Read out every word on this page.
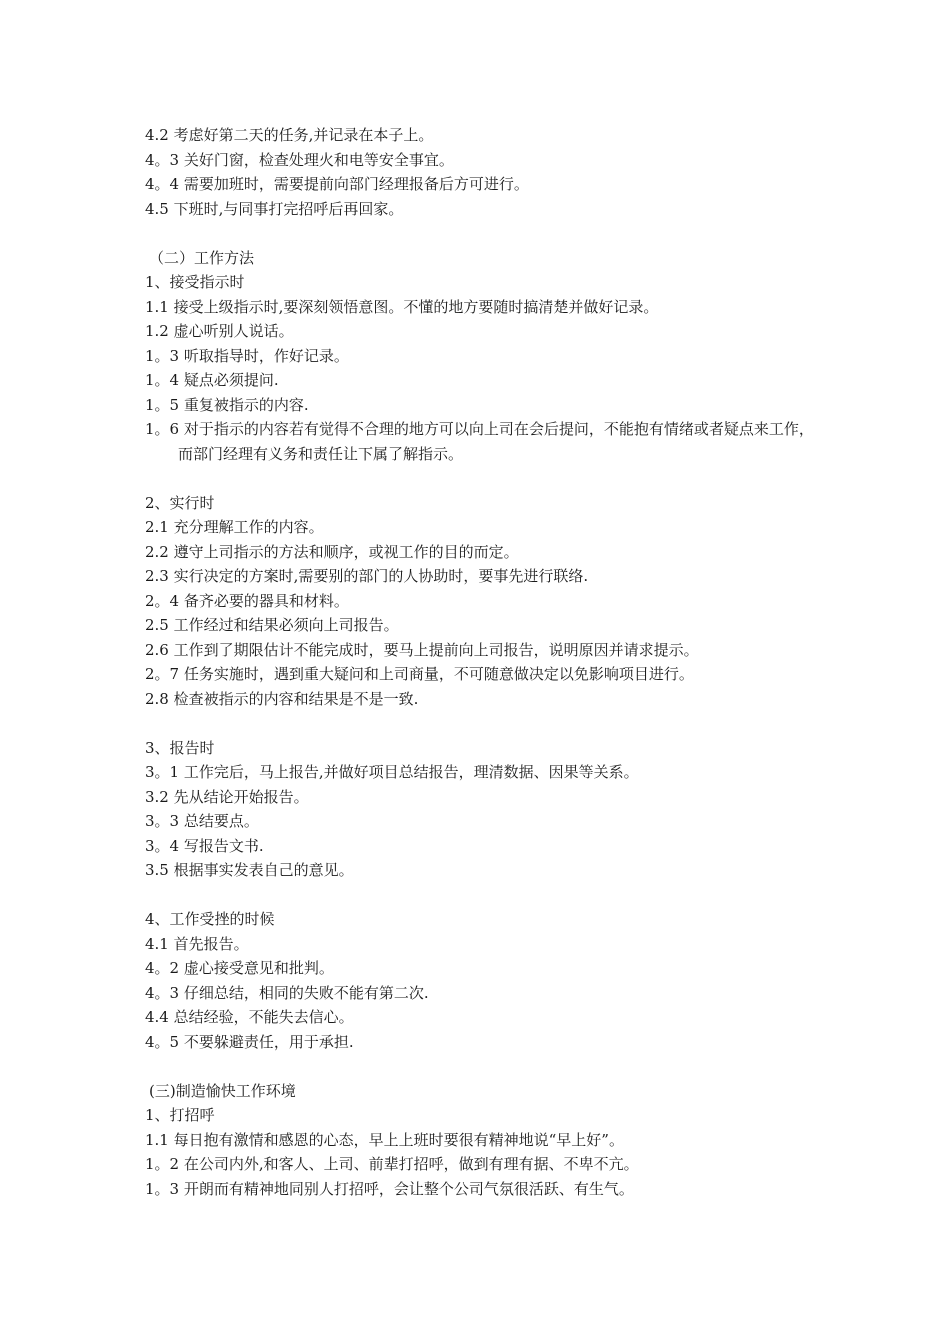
4.2 考虑好第二天的任务,并记录在本子上。
4。3 关好门窗，检查处理火和电等安全事宜。
4。4 需要加班时，需要提前向部门经理报备后方可进行。
4.5 下班时,与同事打完招呼后再回家。
（二）工作方法
1、接受指示时
1.1 接受上级指示时,要深刻领悟意图。不懂的地方要随时搞清楚并做好记录。
1.2 虚心听别人说话。
1。3 听取指导时，作好记录。
1。4 疑点必须提问.
1。5 重复被指示的内容.
1。6 对于指示的内容若有觉得不合理的地方可以向上司在会后提问，不能抱有情绪或者疑点来工作，而部门经理有义务和责任让下属了解指示。
2、实行时
2.1 充分理解工作的内容。
2.2 遵守上司指示的方法和顺序，或视工作的目的而定。
2.3 实行决定的方案时,需要别的部门的人协助时，要事先进行联络.
2。4 备齐必要的器具和材料。
2.5 工作经过和结果必须向上司报告。
2.6 工作到了期限估计不能完成时，要马上提前向上司报告，说明原因并请求提示。
2。7 任务实施时，遇到重大疑问和上司商量，不可随意做决定以免影响项目进行。
2.8 检查被指示的内容和结果是不是一致.
3、报告时
3。1 工作完后，马上报告,并做好项目总结报告，理清数据、因果等关系。
3.2 先从结论开始报告。
3。3 总结要点。
3。4 写报告文书.
3.5 根据事实发表自己的意见。
4、工作受挫的时候
4.1 首先报告。
4。2 虚心接受意见和批判。
4。3 仔细总结，相同的失败不能有第二次.
4.4 总结经验，不能失去信心。
4。5 不要躲避责任，用于承担.
(三)制造愉快工作环境
1、打招呼
1.1 每日抱有激情和感恩的心态，早上上班时要很有精神地说“早上好”。
1。2 在公司内外,和客人、上司、前辈打招呼，做到有理有据、不卑不亢。
1。3 开朗而有精神地同别人打招呼，会让整个公司气氛很活跃、有生气。
